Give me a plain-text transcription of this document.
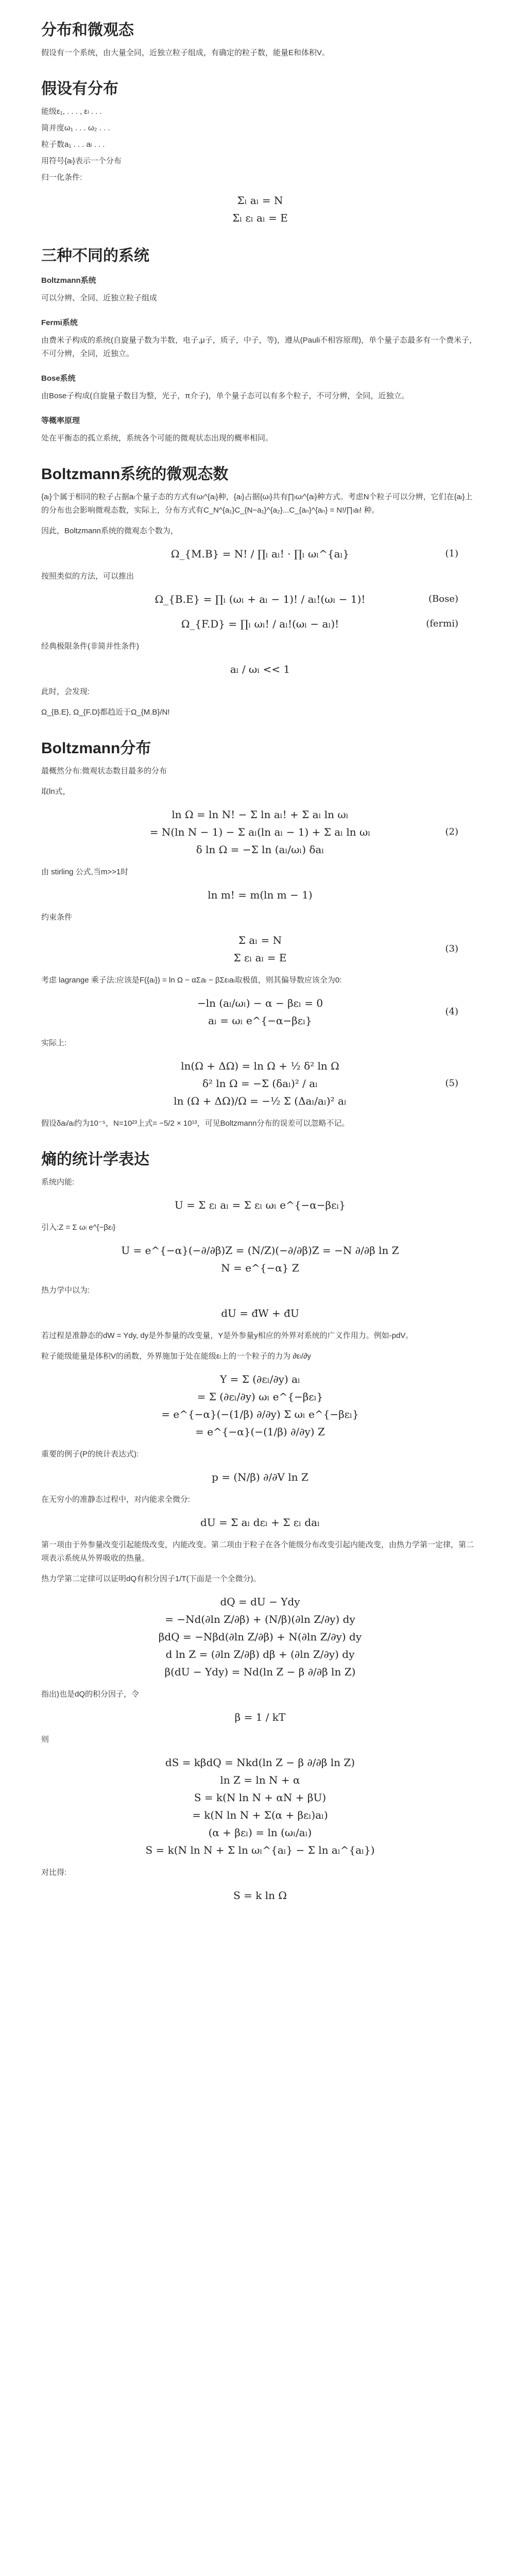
分布和微观态

假设有一个系统，由大量全同，近独立粒子组成，有确定的粒子数，能量E和体积V。

假设有分布
能级ε₁, . . . , εₗ . . .
简并度ω₁ . . . ω₂ . . .
粒子数a₁ . . . aₗ . . .
用符号{aₗ}表示一个分布
归一化条件:
Σₗ aₗ = N
Σₗ εₗ aₗ = E
三种不同的系统
Boltzmann系统

可以分辨、全同、近独立粒子组成

Fermi系统

由费米子构成的系统(自旋量子数为半数，电子,μ子，质子，中子，等)，遵从(Pauli不相容原理)，单个量子态最多有一个费米子，不可分辨，全同，近独立。

Bose系统

由Bose子构成(自旋量子数目为整，光子，π介子)，单个量子态可以有多个粒子，不可分辨，全同，近独立。

等概率原理

处在平衡态的孤立系统，系统各个可能的微观状态出现的概率相同。

Boltzmann系统的微观态数

{aₗ}个属于相同的粒子占据aₗ个量子态的方式有ωₗ^{aₗ}种，{aₗ}占据{ωₗ}共有∏ₗωₗ^{aₗ}种方式。考虑N个粒子可以分辨，它们在{aₗ}上的分布也会影响微观态数，实际上，分布方式有C_N^{a₁}C_{N−a₁}^{a₂}...C_{aₙ}^{aₙ} = N!/∏ₗaₗ! 种。

因此，Boltzmann系统的微观态个数为，

Ω_{M.B} = N! / ∏ₗ aₗ! · ∏ₗ ωₗ^{aₗ}	(1)

按照类似的方法，可以推出

Ω_{B.E} = ∏ₗ (ωₗ + aₗ − 1)! / aₗ!(ωₗ − 1)!	(Bose)
Ω_{F.D} = ∏ₗ ωₗ! / aₗ!(ωₗ − aₗ)!	(fermi)

经典极限条件(非简并性条件)

aₗ / ωₗ << 1

此时，会发现:

Ω_{B.E}, Ω_{F.D}都趋近于Ω_{M.B}/N!

Boltzmann分布

最概然分布:微观状态数目最多的分布

取ln式，

ln Ω = ln N! − Σ ln aₗ! + Σ aₗ ln ωₗ
= N(ln N − 1) − Σ aₗ(ln aₗ − 1) + Σ aₗ ln ωₗ
δ ln Ω = −Σ ln (aₗ/ωₗ) δaₗ
(2)

由 stirling 公式,当m>>1时

ln m! = m(ln m − 1)

约束条件

Σ aₗ = N
Σ εₗ aₗ = E
(3)

考虑 lagrange 乘子法:应该是F({aₗ}) = ln Ω − αΣaₗ − βΣεₗaₗ取极值，则其偏导数应该全为0:

−ln (aₗ/ωₗ) − α − βεₗ = 0
aₗ = ωₗ e^{−α−βεₗ}
(4)

实际上:

ln(Ω + ΔΩ) = ln Ω + ½ δ² ln Ω
δ² ln Ω = −Σ (δaₗ)² / aₗ
ln (Ω + ΔΩ)/Ω = −½ Σ (Δaₗ/aₗ)² aₗ
(5)

假设δaₗ/aₗ约为10⁻⁵，N=10²³上式= −5/2 × 10¹³，可见Boltzmann分布的误差可以忽略不记。

熵的统计学表达

系统内能:

U = Σ εₗ aₗ = Σ εₗ ωₗ e^{−α−βεₗ}

引入:Z = Σ ωₗ e^{−βεₗ}

U = e^{−α}(−∂/∂β)Z = (N/Z)(−∂/∂β)Z = −N ∂/∂β ln Z
N = e^{−α} Z

热力学中以为:

dU = đW + đU

若过程是准静态的dW = Ydy, dy是外参量的改变量，Y是外参量y相应的外界对系统的广义作用力。例如-pdV。

粒子能级能量是体积V的函数，外界施加于处在能级εₗ上的一个粒子的力为 ∂εₗ/∂y

Y = Σ (∂εₗ/∂y) aₗ
= Σ (∂εₗ/∂y) ωₗ e^{−βεₗ}
= e^{−α}(−(1/β) ∂/∂y) Σ ωₗ e^{−βεₗ}
= e^{−α}(−(1/β) ∂/∂y) Z

重要的例子(P的统计表达式):

p = (N/β) ∂/∂V ln Z

在无穷小的准静态过程中，对内能求全微分:

dU = Σ aₗ dεₗ + Σ εₗ daₗ

第一项由于外参量改变引起能级改变，内能改变。第二项由于粒子在各个能级分布改变引起内能改变，由热力学第一定律，第二项表示系统从外界吸收的热量。

热力学第二定律可以证明dQ有积分因子1/T(下面是一个全微分)。

dQ = dU − Ydy
= −Nd(∂ln Z/∂β) + (N/β)(∂ln Z/∂y) dy
βdQ = −Nβd(∂ln Z/∂β) + N(∂ln Z/∂y) dy
d ln Z = (∂ln Z/∂β) dβ + (∂ln Z/∂y) dy
β(dU − Ydy) = Nd(ln Z − β ∂/∂β ln Z)

指出)也是dQ的积分因子，令

β = 1 / kT

则

dS = kβdQ = Nkd(ln Z − β ∂/∂β ln Z)
ln Z = ln N + α
S = k(N ln N + αN + βU)
= k(N ln N + Σ(α + βεₗ)aₗ)
(α + βεₗ) = ln (ωₗ/aₗ)
S = k(N ln N + Σ ln ωₗ^{aₗ} − Σ ln aₗ^{aₗ})

对比得:

S = k ln Ω
